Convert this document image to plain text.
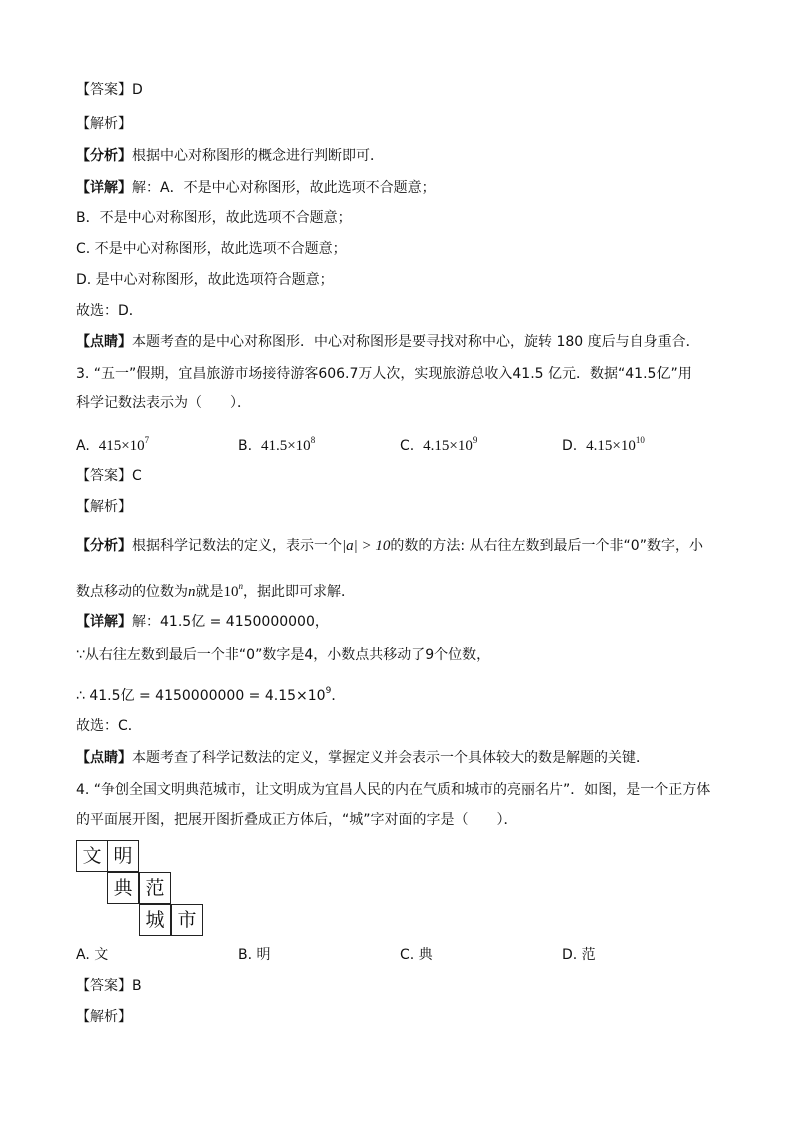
【答案】D
【解析】
【分析】根据中心对称图形的概念进行判断即可．
【详解】解：A．不是中心对称图形，故此选项不合题意；
B．不是中心对称图形，故此选项不合题意；
C. 不是中心对称图形，故此选项不合题意；
D. 是中心对称图形，故此选项符合题意；
故选：D．
【点睛】本题考查的是中心对称图形．中心对称图形是要寻找对称中心，旋转 180 度后与自身重合．
3. “五一”假期，宜昌旅游市场接待游客606.7万人次，实现旅游总收入41.5 亿元．数据“41.5亿”用
科学记数法表示为（　　）．
A. $415\times 10^7$	B. $41.5\times 10^8$	C. $4.15\times 10^9$	D. $4.15\times 10^{10}$
【答案】C
【解析】
【分析】根据科学记数法的定义，表示一个|a| > 10的数的方法: 从右往左数到最后一个非“0”数字，小
数点移动的位数为n就是10$^n$，据此即可求解．
【详解】解：41.5亿 = 4150000000，
∵从右往左数到最后一个非“0”数字是4，小数点共移动了9个位数，
∴ 41.5亿 = $4150000000 = 4.15\times 10^9$．
故选：C．
【点睛】本题考查了科学记数法的定义，掌握定义并会表示一个具体较大的数是解题的关键．
4. “争创全国文明典范城市，让文明成为宜昌人民的内在气质和城市的亮丽名片”．如图，是一个正方体
的平面展开图，把展开图折叠成正方体后，“城”字对面的字是（　　）．
文 明
典 范
城 市
A. 文	B. 明	C. 典	D. 范
【答案】B
【解析】
